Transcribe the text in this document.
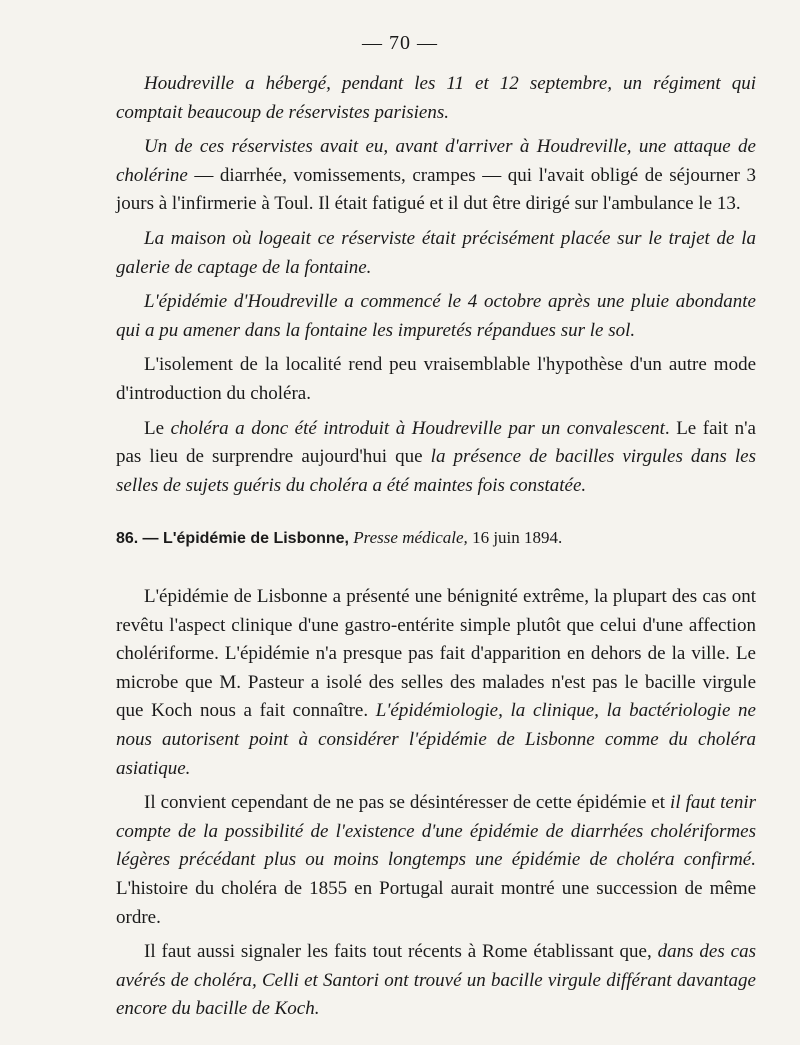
— 70 —

Houdreville a hébergé, pendant les 11 et 12 septembre, un régiment qui comptait beaucoup de réservistes parisiens.

Un de ces réservistes avait eu, avant d'arriver à Houdreville, une attaque de cholérine — diarrhée, vomissements, crampes — qui l'avait obligé de séjourner 3 jours à l'infirmerie à Toul. Il était fatigué et il dut être dirigé sur l'ambulance le 13.

La maison où logeait ce réserviste était précisément placée sur le trajet de la galerie de captage de la fontaine.

L'épidémie d'Houdreville a commencé le 4 octobre après une pluie abondante qui a pu amener dans la fontaine les impuretés répandues sur le sol.

L'isolement de la localité rend peu vraisemblable l'hypothèse d'un autre mode d'introduction du choléra.

Le choléra a donc été introduit à Houdreville par un convalescent. Le fait n'a pas lieu de surprendre aujourd'hui que la présence de bacilles virgules dans les selles de sujets guéris du choléra a été maintes fois constatée.

86. — L'épidémie de Lisbonne, Presse médicale, 16 juin 1894.

L'épidémie de Lisbonne a présenté une bénignité extrême, la plupart des cas ont revêtu l'aspect clinique d'une gastro-entérite simple plutôt que celui d'une affection cholériforme. L'épidémie n'a presque pas fait d'apparition en dehors de la ville. Le microbe que M. Pasteur a isolé des selles des malades n'est pas le bacille virgule que Koch nous a fait connaître. L'épidémiologie, la clinique, la bactériologie ne nous autorisent point à considérer l'épidémie de Lisbonne comme du choléra asiatique.

Il convient cependant de ne pas se désintéresser de cette épidémie et il faut tenir compte de la possibilité de l'existence d'une épidémie de diarrhées cholériformes légères précédant plus ou moins longtemps une épidémie de choléra confirmé. L'histoire du choléra de 1855 en Portugal aurait montré une succession de même ordre.

Il faut aussi signaler les faits tout récents à Rome établissant que, dans des cas avérés de choléra, Celli et Santori ont trouvé un bacille virgule différant davantage encore du bacille de Koch.
